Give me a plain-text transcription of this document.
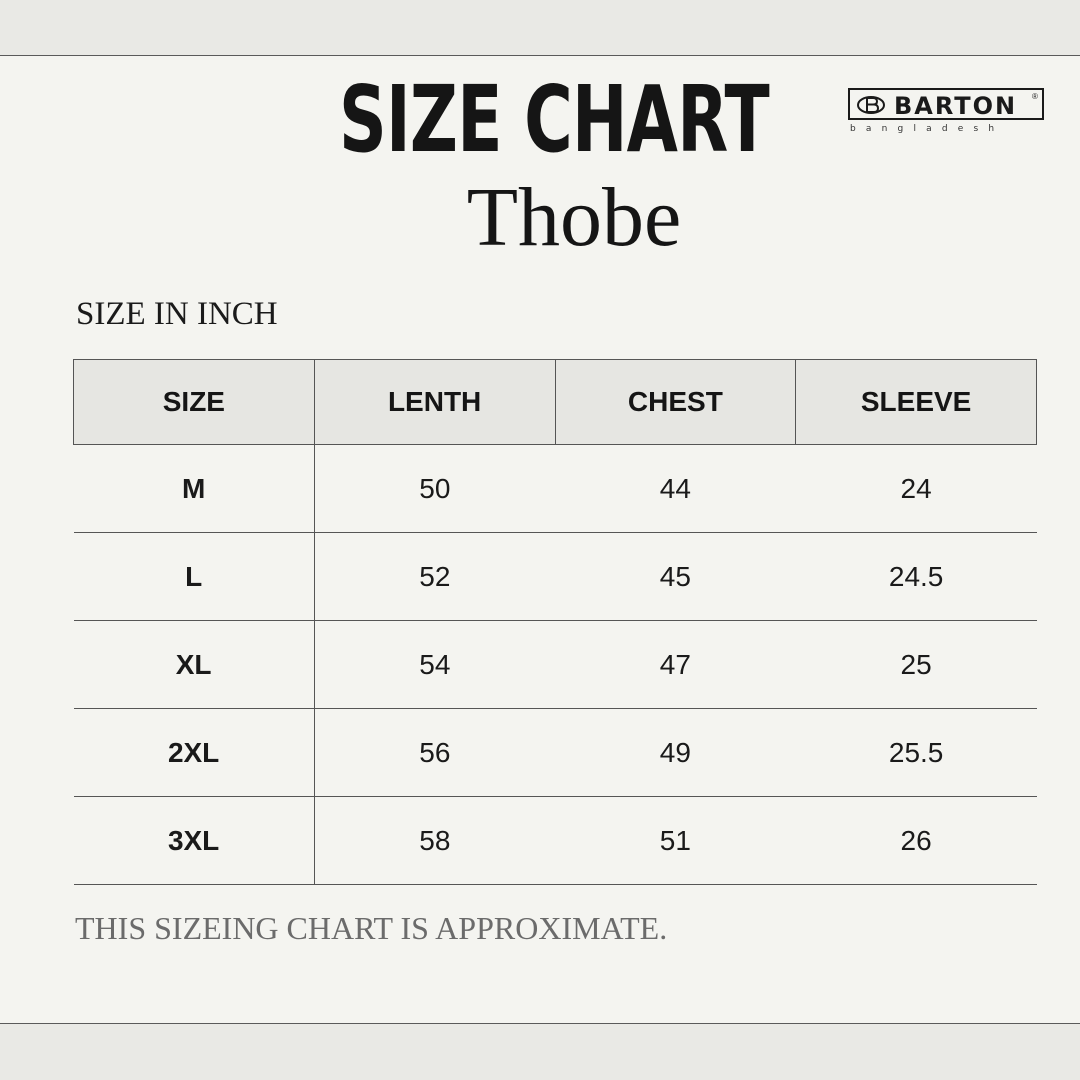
SIZE CHART
Thobe
BARTON ®
bangladesh
SIZE IN INCH
SIZE	LENTH	CHEST	SLEEVE
M	50	44	24
L	52	45	24.5
XL	54	47	25
2XL	56	49	25.5
3XL	58	51	26
THIS SIZEING CHART IS APPROXIMATE.
